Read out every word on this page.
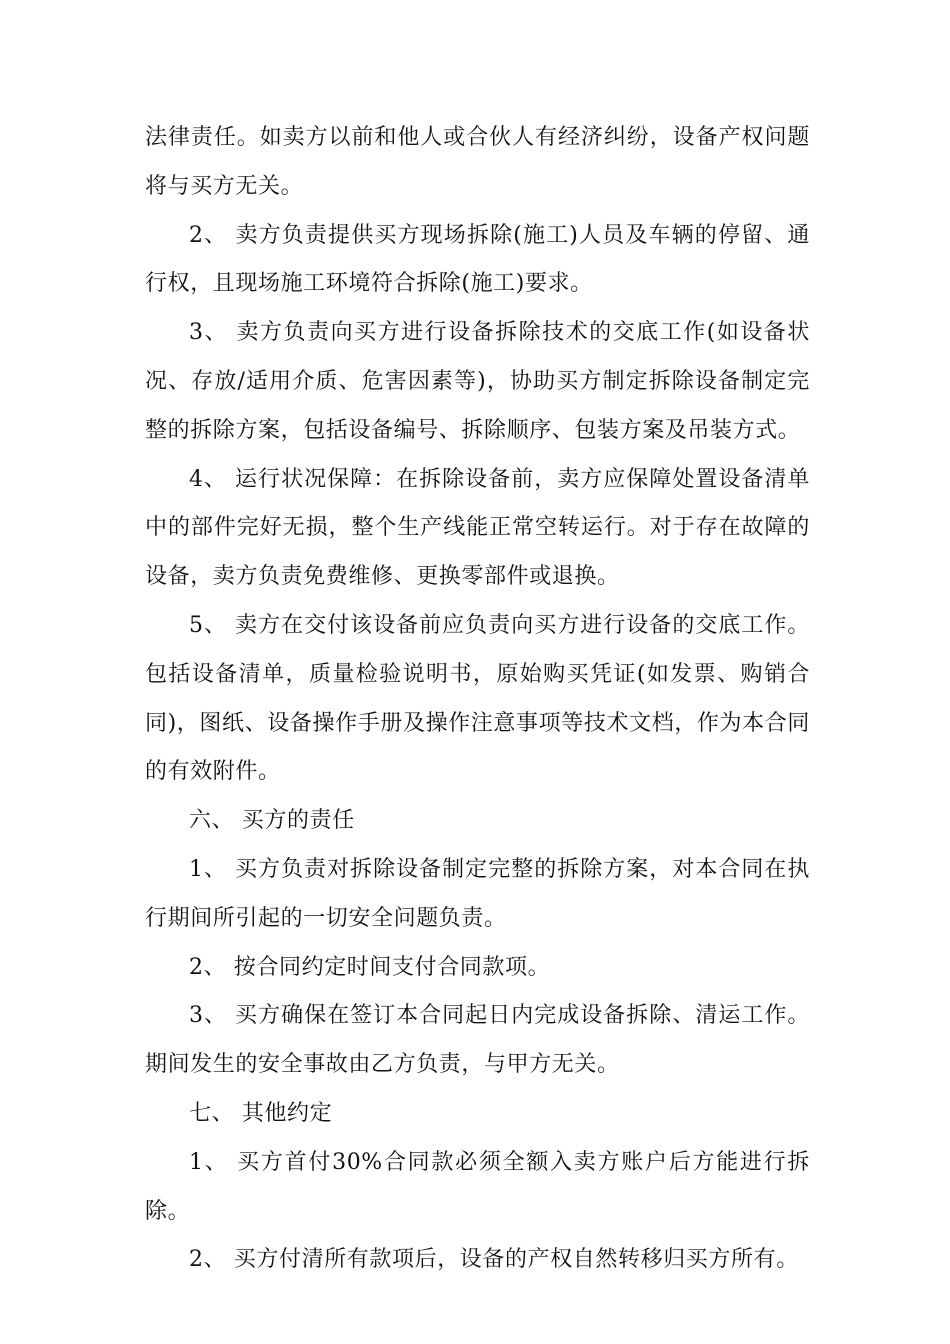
法律责任。如卖方以前和他人或合伙人有经济纠纷，设备产权问题将与买方无关。

2、 卖方负责提供买方现场拆除(施工)人员及车辆的停留、通行权，且现场施工环境符合拆除(施工)要求。

3、 卖方负责向买方进行设备拆除技术的交底工作(如设备状况、存放/适用介质、危害因素等)，协助买方制定拆除设备制定完整的拆除方案，包括设备编号、拆除顺序、包装方案及吊装方式。

4、 运行状况保障：在拆除设备前，卖方应保障处置设备清单中的部件完好无损，整个生产线能正常空转运行。对于存在故障的设备，卖方负责免费维修、更换零部件或退换。

5、 卖方在交付该设备前应负责向买方进行设备的交底工作。包括设备清单，质量检验说明书，原始购买凭证(如发票、购销合同)，图纸、设备操作手册及操作注意事项等技术文档，作为本合同的有效附件。

六、 买方的责任

1、 买方负责对拆除设备制定完整的拆除方案，对本合同在执行期间所引起的一切安全问题负责。

2、 按合同约定时间支付合同款项。

3、 买方确保在签订本合同起日内完成设备拆除、清运工作。期间发生的安全事故由乙方负责，与甲方无关。

七、 其他约定

1、 买方首付30%合同款必须全额入卖方账户后方能进行拆除。

2、 买方付清所有款项后，设备的产权自然转移归买方所有。
